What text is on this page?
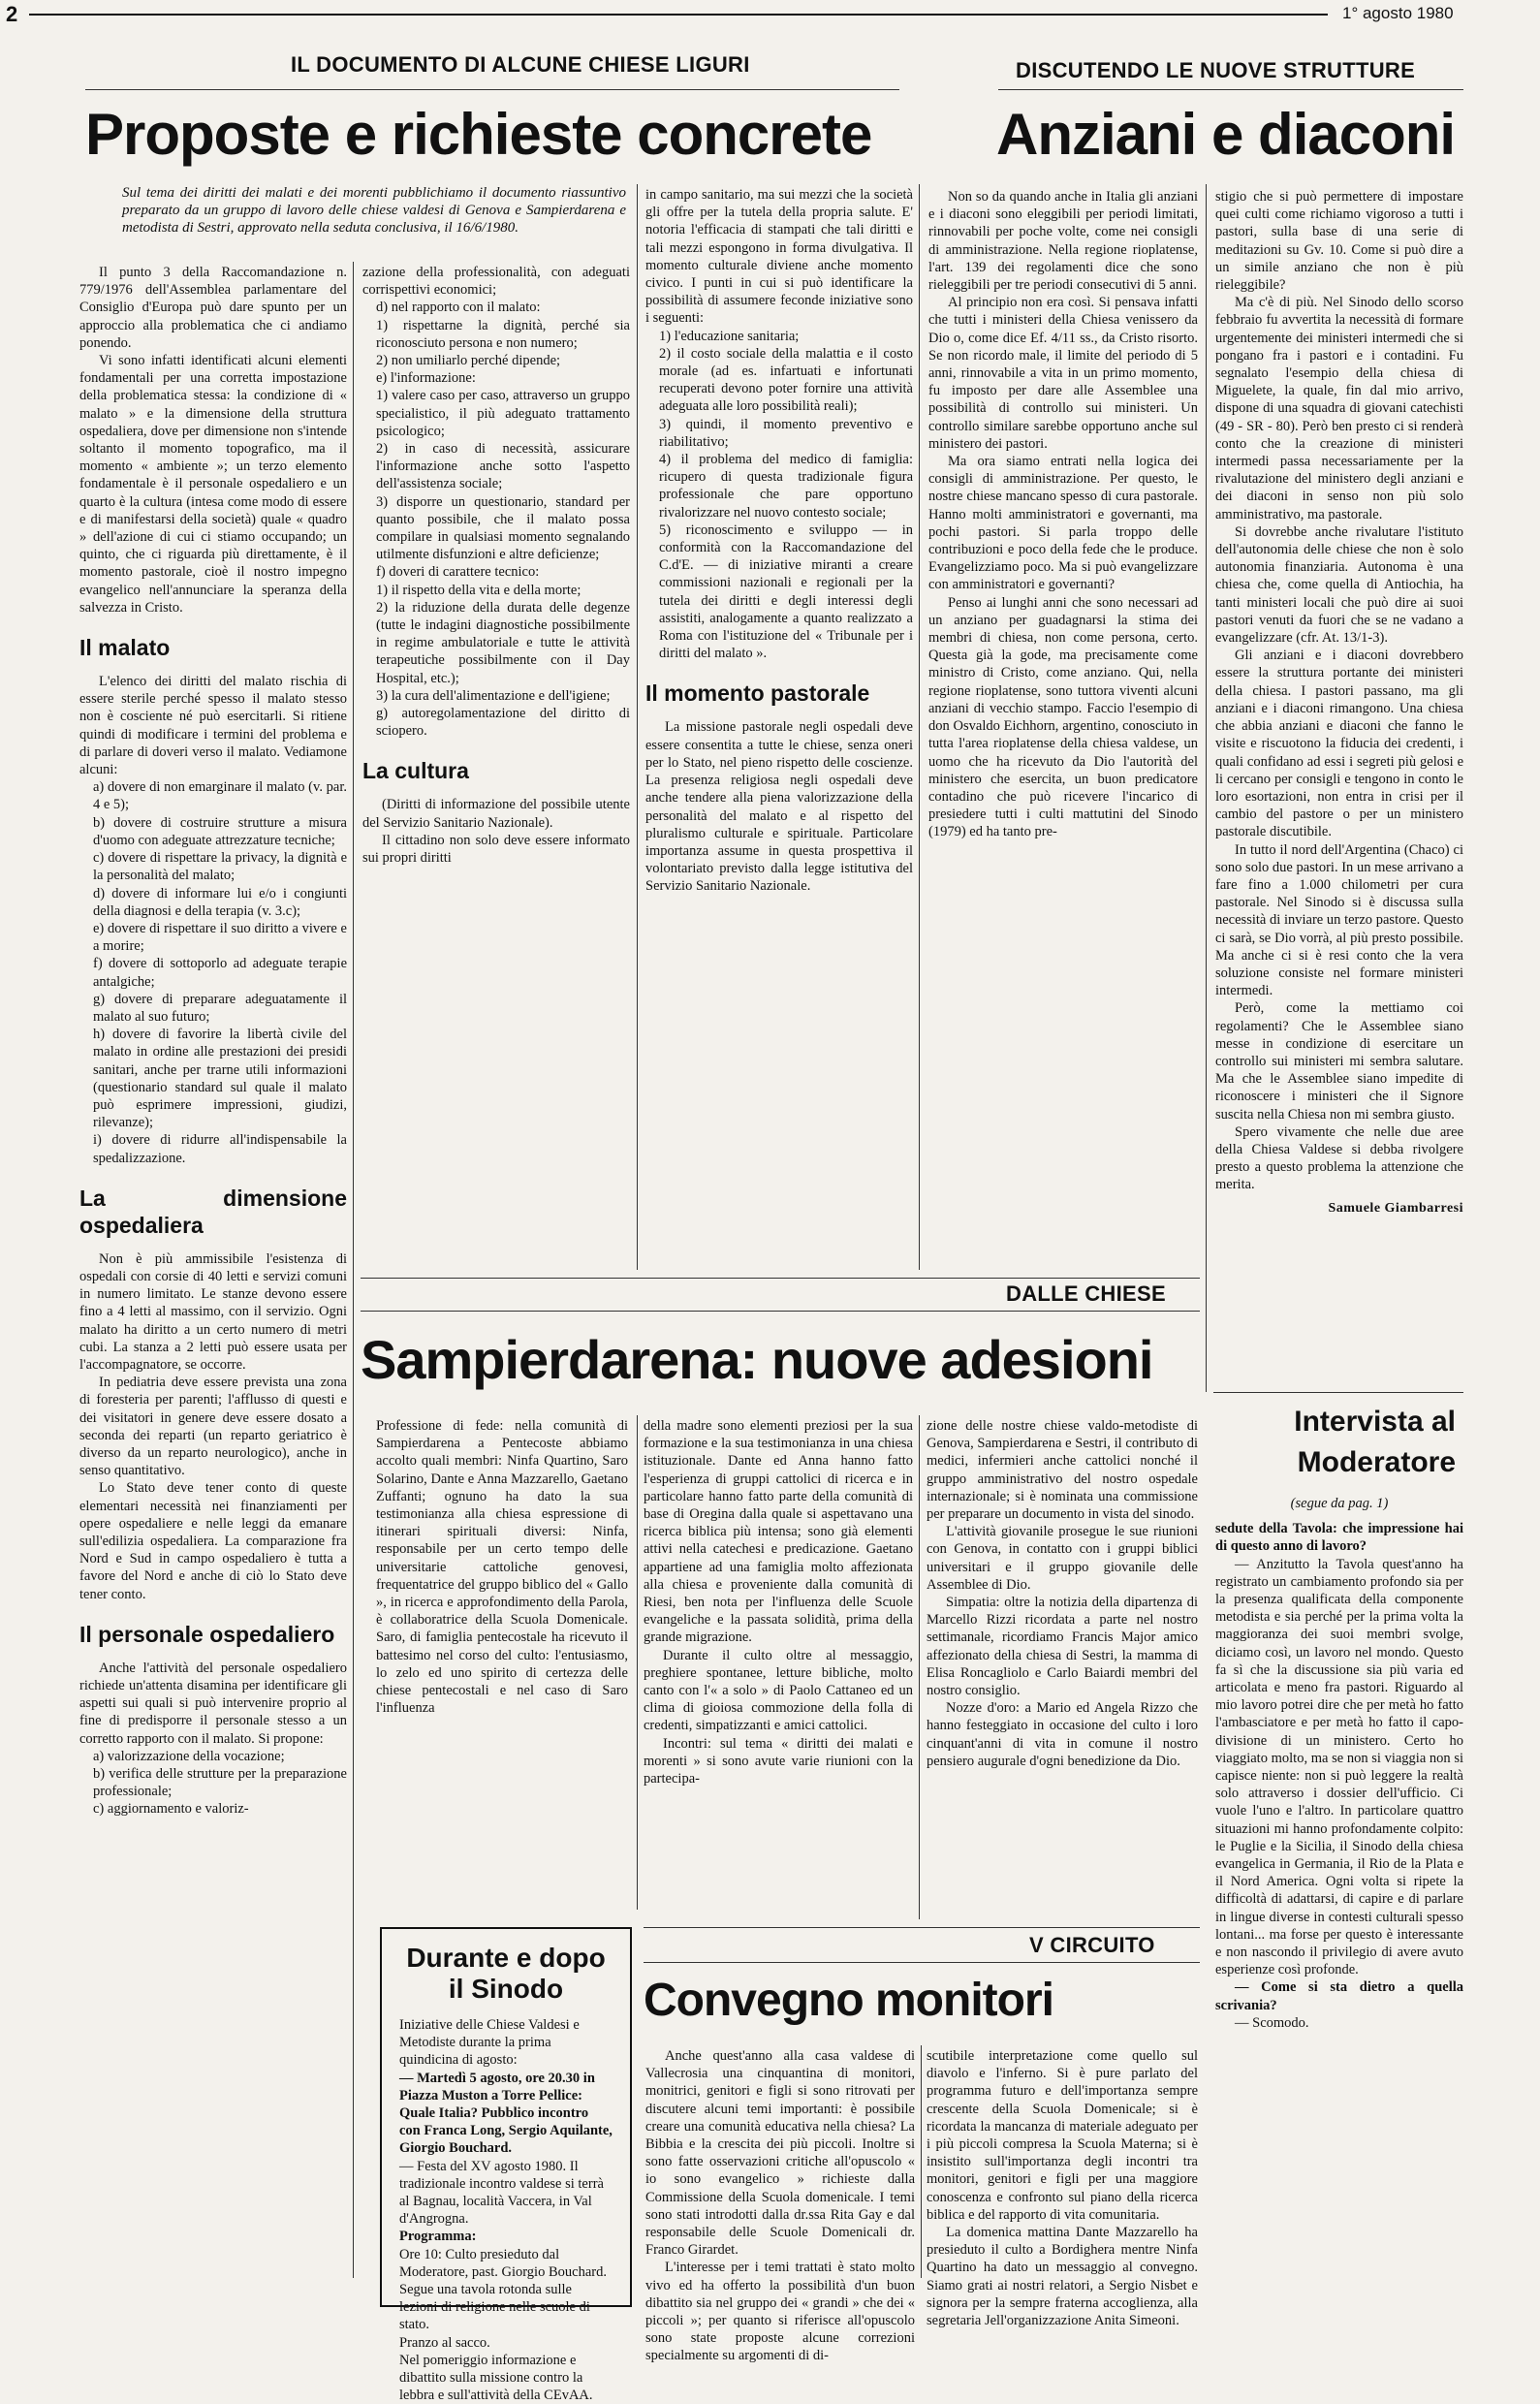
2	1° agosto 1980
IL DOCUMENTO DI ALCUNE CHIESE LIGURI
Proposte e richieste concrete

Sul tema dei diritti dei malati e dei morenti pubblichiamo il documento riassuntivo preparato da un gruppo di lavoro delle chiese valdesi di Genova e Sampierdarena e metodista di Sestri, approvato nella seduta conclusiva, il 16/6/1980.

Il punto 3 della Raccomandazione n. 779/1976 dell'Assemblea parlamentare del Consiglio d'Europa può dare spunto per un approccio alla problematica che ci andiamo ponendo.

Vi sono infatti identificati alcuni elementi fondamentali per una corretta impostazione della problematica stessa: la condizione di « malato » e la dimensione della struttura ospedaliera, dove per dimensione non s'intende soltanto il momento topografico, ma il momento « ambiente »; un terzo elemento fondamentale è il personale ospedaliero e un quarto è la cultura (intesa come modo di essere e di manifestarsi della società) quale « quadro » dell'azione di cui ci stiamo occupando; un quinto, che ci riguarda più direttamente, è il momento pastorale, cioè il nostro impegno evangelico nell'annunciare la speranza della salvezza in Cristo.

Il malato

L'elenco dei diritti del malato rischia di essere sterile perché spesso il malato stesso non è cosciente né può esercitarli. Si ritiene quindi di modificare i termini del problema e di parlare di doveri verso il malato. Vediamone alcuni:

a) dovere di non emarginare il malato (v. par. 4 e 5);

b) dovere di costruire strutture a misura d'uomo con adeguate attrezzature tecniche;

c) dovere di rispettare la privacy, la dignità e la personalità del malato;

d) dovere di informare lui e/o i congiunti della diagnosi e della terapia (v. 3.c);

e) dovere di rispettare il suo diritto a vivere e a morire;

f) dovere di sottoporlo ad adeguate terapie antalgiche;

g) dovere di preparare adeguatamente il malato al suo futuro;

h) dovere di favorire la libertà civile del malato in ordine alle prestazioni dei presidi sanitari, anche per trarne utili informazioni (questionario standard sul quale il malato può esprimere impressioni, giudizi, rilevanze);

i) dovere di ridurre all'indispensabile la spedalizzazione.

La dimensione ospedaliera

Non è più ammissibile l'esistenza di ospedali con corsie di 40 letti e servizi comuni in numero limitato. Le stanze devono essere fino a 4 letti al massimo, con il servizio. Ogni malato ha diritto a un certo numero di metri cubi. La stanza a 2 letti può essere usata per l'accompagnatore, se occorre.

In pediatria deve essere prevista una zona di foresteria per parenti; l'afflusso di questi e dei visitatori in genere deve essere dosato a seconda dei reparti (un reparto geriatrico è diverso da un reparto neurologico), anche in senso quantitativo.

Lo Stato deve tener conto di queste elementari necessità nei finanziamenti per opere ospedaliere e nelle leggi da emanare sull'edilizia ospedaliera. La comparazione fra Nord e Sud in campo ospedaliero è tutta a favore del Nord e anche di ciò lo Stato deve tener conto.

Il personale ospedaliero

Anche l'attività del personale ospedaliero richiede un'attenta disamina per identificare gli aspetti sui quali si può intervenire proprio al fine di predisporre il personale stesso a un corretto rapporto con il malato. Si propone:

a) valorizzazione della vocazione;

b) verifica delle strutture per la preparazione professionale;

c) aggiornamento e valoriz-

zazione della professionalità, con adeguati corrispettivi economici;

d) nel rapporto con il malato:

1) rispettarne la dignità, perché sia riconosciuto persona e non numero;

2) non umiliarlo perché dipende;

e) l'informazione:

1) valere caso per caso, attraverso un gruppo specialistico, il più adeguato trattamento psicologico;

2) in caso di necessità, assicurare l'informazione anche sotto l'aspetto dell'assistenza sociale;

3) disporre un questionario, standard per quanto possibile, che il malato possa compilare in qualsiasi momento segnalando utilmente disfunzioni e altre deficienze;

f) doveri di carattere tecnico:

1) il rispetto della vita e della morte;

2) la riduzione della durata delle degenze (tutte le indagini diagnostiche possibilmente in regime ambulatoriale e tutte le attività terapeutiche possibilmente con il Day Hospital, etc.);

3) la cura dell'alimentazione e dell'igiene;

g) autoregolamentazione del diritto di sciopero.

La cultura

(Diritti di informazione del possibile utente del Servizio Sanitario Nazionale).

Il cittadino non solo deve essere informato sui propri diritti

in campo sanitario, ma sui mezzi che la società gli offre per la tutela della propria salute. E' notoria l'efficacia di stampati che tali diritti e tali mezzi espongono in forma divulgativa. Il momento culturale diviene anche momento civico. I punti in cui si può identificare la possibilità di assumere feconde iniziative sono i seguenti:

1) l'educazione sanitaria;

2) il costo sociale della malattia e il costo morale (ad es. infartuati e infortunati recuperati devono poter fornire una attività adeguata alle loro possibilità reali);

3) quindi, il momento preventivo e riabilitativo;

4) il problema del medico di famiglia: ricupero di questa tradizionale figura professionale che pare opportuno rivalorizzare nel nuovo contesto sociale;

5) riconoscimento e sviluppo — in conformità con la Raccomandazione del C.d'E. — di iniziative miranti a creare commissioni nazionali e regionali per la tutela dei diritti e degli interessi degli assistiti, analogamente a quanto realizzato a Roma con l'istituzione del « Tribunale per i diritti del malato ».

Il momento pastorale

La missione pastorale negli ospedali deve essere consentita a tutte le chiese, senza oneri per lo Stato, nel pieno rispetto delle coscienze. La presenza religiosa negli ospedali deve anche tendere alla piena valorizzazione della personalità del malato e al rispetto del pluralismo culturale e spirituale. Particolare importanza assume in questa prospettiva il volontariato previsto dalla legge istitutiva del Servizio Sanitario Nazionale.

DISCUTENDO LE NUOVE STRUTTURE
Anziani e diaconi

Non so da quando anche in Italia gli anziani e i diaconi sono eleggibili per periodi limitati, rinnovabili per poche volte, come nei consigli di amministrazione. Nella regione rioplatense, l'art. 139 dei regolamenti dice che sono rieleggibili per tre periodi consecutivi di 5 anni.

Al principio non era così. Si pensava infatti che tutti i ministeri della Chiesa venissero da Dio o, come dice Ef. 4/11 ss., da Cristo risorto. Se non ricordo male, il limite del periodo di 5 anni, rinnovabile a vita in un primo momento, fu imposto per dare alle Assemblee una possibilità di controllo sui ministeri. Un controllo similare sarebbe opportuno anche sul ministero dei pastori.

Ma ora siamo entrati nella logica dei consigli di amministrazione. Per questo, le nostre chiese mancano spesso di cura pastorale. Hanno molti amministratori e governanti, ma pochi pastori. Si parla troppo delle contribuzioni e poco della fede che le produce. Evangelizziamo poco. Ma si può evangelizzare con amministratori e governanti?

Penso ai lunghi anni che sono necessari ad un anziano per guadagnarsi la stima dei membri di chiesa, non come persona, certo. Questa già la gode, ma precisamente come ministro di Cristo, come anziano. Qui, nella regione rioplatense, sono tuttora viventi alcuni anziani di vecchio stampo. Faccio l'esempio di don Osvaldo Eichhorn, argentino, conosciuto in tutta l'area rioplatense della chiesa valdese, un uomo che ha ricevuto da Dio l'autorità del ministero che esercita, un buon predicatore contadino che può ricevere l'incarico di presiedere tutti i culti mattutini del Sinodo (1979) ed ha tanto pre-

stigio che si può permettere di impostare quei culti come richiamo vigoroso a tutti i pastori, sulla base di una serie di meditazioni su Gv. 10. Come si può dire a un simile anziano che non è più rieleggibile?

Ma c'è di più. Nel Sinodo dello scorso febbraio fu avvertita la necessità di formare urgentemente dei ministeri intermedi che si pongano fra i pastori e i contadini. Fu segnalato l'esempio della chiesa di Miguelete, la quale, fin dal mio arrivo, dispone di una squadra di giovani catechisti (49 - SR - 80). Però ben presto ci si renderà conto che la creazione di ministeri intermedi passa necessariamente per la rivalutazione del ministero degli anziani e dei diaconi in senso non più solo amministrativo, ma pastorale.

Si dovrebbe anche rivalutare l'istituto dell'autonomia delle chiese che non è solo autonomia finanziaria. Autonoma è una chiesa che, come quella di Antiochia, ha tanti ministeri locali che può dire ai suoi pastori venuti da fuori che se ne vadano a evangelizzare (cfr. At. 13/1-3).

Gli anziani e i diaconi dovrebbero essere la struttura portante dei ministeri della chiesa. I pastori passano, ma gli anziani e i diaconi rimangono. Una chiesa che abbia anziani e diaconi che fanno le visite e riscuotono la fiducia dei credenti, i quali confidano ad essi i segreti più gelosi e li cercano per consigli e tengono in conto le loro esortazioni, non entra in crisi per il cambio del pastore o per un ministero pastorale discutibile.

In tutto il nord dell'Argentina (Chaco) ci sono solo due pastori. In un mese arrivano a fare fino a 1.000 chilometri per cura pastorale. Nel Sinodo si è discussa sulla necessità di inviare un terzo pastore. Questo ci sarà, se Dio vorrà, al più presto possibile. Ma anche ci si è resi conto che la vera soluzione consiste nel formare ministeri intermedi.

Però, come la mettiamo coi regolamenti? Che le Assemblee siano messe in condizione di esercitare un controllo sui ministeri mi sembra salutare. Ma che le Assemblee siano impedite di riconoscere i ministeri che il Signore suscita nella Chiesa non mi sembra giusto.

Spero vivamente che nelle due aree della Chiesa Valdese si debba rivolgere presto a questo problema la attenzione che merita.

Samuele Giambarresi
DALLE CHIESE
Sampierdarena: nuove adesioni

Professione di fede: nella comunità di Sampierdarena a Pentecoste abbiamo accolto quali membri: Ninfa Quartino, Saro Solarino, Dante e Anna Mazzarello, Gaetano Zuffanti; ognuno ha dato la sua testimonianza alla chiesa espressione di itinerari spirituali diversi: Ninfa, responsabile per un certo tempo delle universitarie cattoliche genovesi, frequentatrice del gruppo biblico del « Gallo », in ricerca e approfondimento della Parola, è collaboratrice della Scuola Domenicale. Saro, di famiglia pentecostale ha ricevuto il battesimo nel corso del culto: l'entusiasmo, lo zelo ed uno spirito di certezza delle chiese pentecostali e nel caso di Saro l'influenza

della madre sono elementi preziosi per la sua formazione e la sua testimonianza in una chiesa istituzionale. Dante ed Anna hanno fatto l'esperienza di gruppi cattolici di ricerca e in particolare hanno fatto parte della comunità di base di Oregina dalla quale si aspettavano una ricerca biblica più intensa; sono già elementi attivi nella catechesi e predicazione. Gaetano appartiene ad una famiglia molto affezionata alla chiesa e proveniente dalla comunità di Riesi, ben nota per l'influenza delle Scuole evangeliche e la passata solidità, prima della grande migrazione.

Durante il culto oltre al messaggio, preghiere spontanee, letture bibliche, molto canto con l'« a solo » di Paolo Cattaneo ed un clima di gioiosa commozione della folla di credenti, simpatizzanti e amici cattolici.

Incontri: sul tema « diritti dei malati e morenti » si sono avute varie riunioni con la partecipa-

zione delle nostre chiese valdo-metodiste di Genova, Sampierdarena e Sestri, il contributo di medici, infermieri anche cattolici nonché il gruppo amministrativo del nostro ospedale internazionale; si è nominata una commissione per preparare un documento in vista del sinodo.

L'attività giovanile prosegue le sue riunioni con Genova, in contatto con i gruppi biblici universitari e il gruppo giovanile delle Assemblee di Dio.

Simpatia: oltre la notizia della dipartenza di Marcello Rizzi ricordata a parte nel nostro settimanale, ricordiamo Francis Major amico affezionato della chiesa di Sestri, la mamma di Elisa Roncagliolo e Carlo Baiardi membri del nostro consiglio.

Nozze d'oro: a Mario ed Angela Rizzo che hanno festeggiato in occasione del culto i loro cinquant'anni di vita in comune il nostro pensiero augurale d'ogni benedizione da Dio.

Durante e dopo il Sinodo

Iniziative delle Chiese Valdesi e Metodiste durante la prima quindicina di agosto:

— Martedì 5 agosto, ore 20.30 in Piazza Muston a Torre Pellice: Quale Italia? Pubblico incontro con Franca Long, Sergio Aquilante, Giorgio Bouchard.

— Festa del XV agosto 1980. Il tradizionale incontro valdese si terrà al Bagnau, località Vaccera, in Val d'Angrogna.

Programma:

Ore 10: Culto presieduto dal Moderatore, past. Giorgio Bouchard. Segue una tavola rotonda sulle lezioni di religione nelle scuole di stato.

Pranzo al sacco.

Nel pomeriggio informazione e dibattito sulla missione contro la lebbra e sull'attività della CEvAA.

V CIRCUITO
Convegno monitori

Anche quest'anno alla casa valdese di Vallecrosia una cinquantina di monitori, monitrici, genitori e figli si sono ritrovati per discutere alcuni temi importanti: è possibile creare una comunità educativa nella chiesa? La Bibbia e la crescita dei più piccoli. Inoltre si sono fatte osservazioni critiche all'opuscolo « io sono evangelico » richieste dalla Commissione della Scuola domenicale. I temi sono stati introdotti dalla dr.ssa Rita Gay e dal responsabile delle Scuole Domenicali dr. Franco Girardet.

L'interesse per i temi trattati è stato molto vivo ed ha offerto la possibilità d'un buon dibattito sia nel gruppo dei « grandi » che dei « piccoli »; per quanto si riferisce all'opuscolo sono state proposte alcune correzioni specialmente su argomenti di di-

scutibile interpretazione come quello sul diavolo e l'inferno. Si è pure parlato del programma futuro e dell'importanza sempre crescente della Scuola Domenicale; si è ricordata la mancanza di materiale adeguato per i più piccoli compresa la Scuola Materna; si è insistito sull'importanza degli incontri tra monitori, genitori e figli per una maggiore conoscenza e confronto sul piano della ricerca biblica e del rapporto di vita comunitaria.

La domenica mattina Dante Mazzarello ha presieduto il culto a Bordighera mentre Ninfa Quartino ha dato un messaggio al convegno. Siamo grati ai nostri relatori, a Sergio Nisbet e signora per la sempre fraterna accoglienza, alla segretaria Jell'organizzazione Anita Simeoni.

Intervista al Moderatore

(segue da pag. 1)

sedute della Tavola: che impressione hai di questo anno di lavoro?

— Anzitutto la Tavola quest'anno ha registrato un cambiamento profondo sia per la presenza qualificata della componente metodista e sia perché per la prima volta la maggioranza dei suoi membri svolge, diciamo così, un lavoro nel mondo. Questo fa sì che la discussione sia più varia ed articolata e meno fra pastori. Riguardo al mio lavoro potrei dire che per metà ho fatto l'ambasciatore e per metà ho fatto il capo-divisione di un ministero. Certo ho viaggiato molto, ma se non si viaggia non si capisce niente: non si può leggere la realtà solo attraverso i dossier dell'ufficio. Ci vuole l'uno e l'altro. In particolare quattro situazioni mi hanno profondamente colpito: le Puglie e la Sicilia, il Sinodo della chiesa evangelica in Germania, il Rio de la Plata e il Nord America. Ogni volta si ripete la difficoltà di adattarsi, di capire e di parlare in lingue diverse in contesti culturali spesso lontani... ma forse per questo è interessante e non nascondo il privilegio di avere avuto esperienze così profonde.

— Come si sta dietro a quella scrivania?

— Scomodo.
